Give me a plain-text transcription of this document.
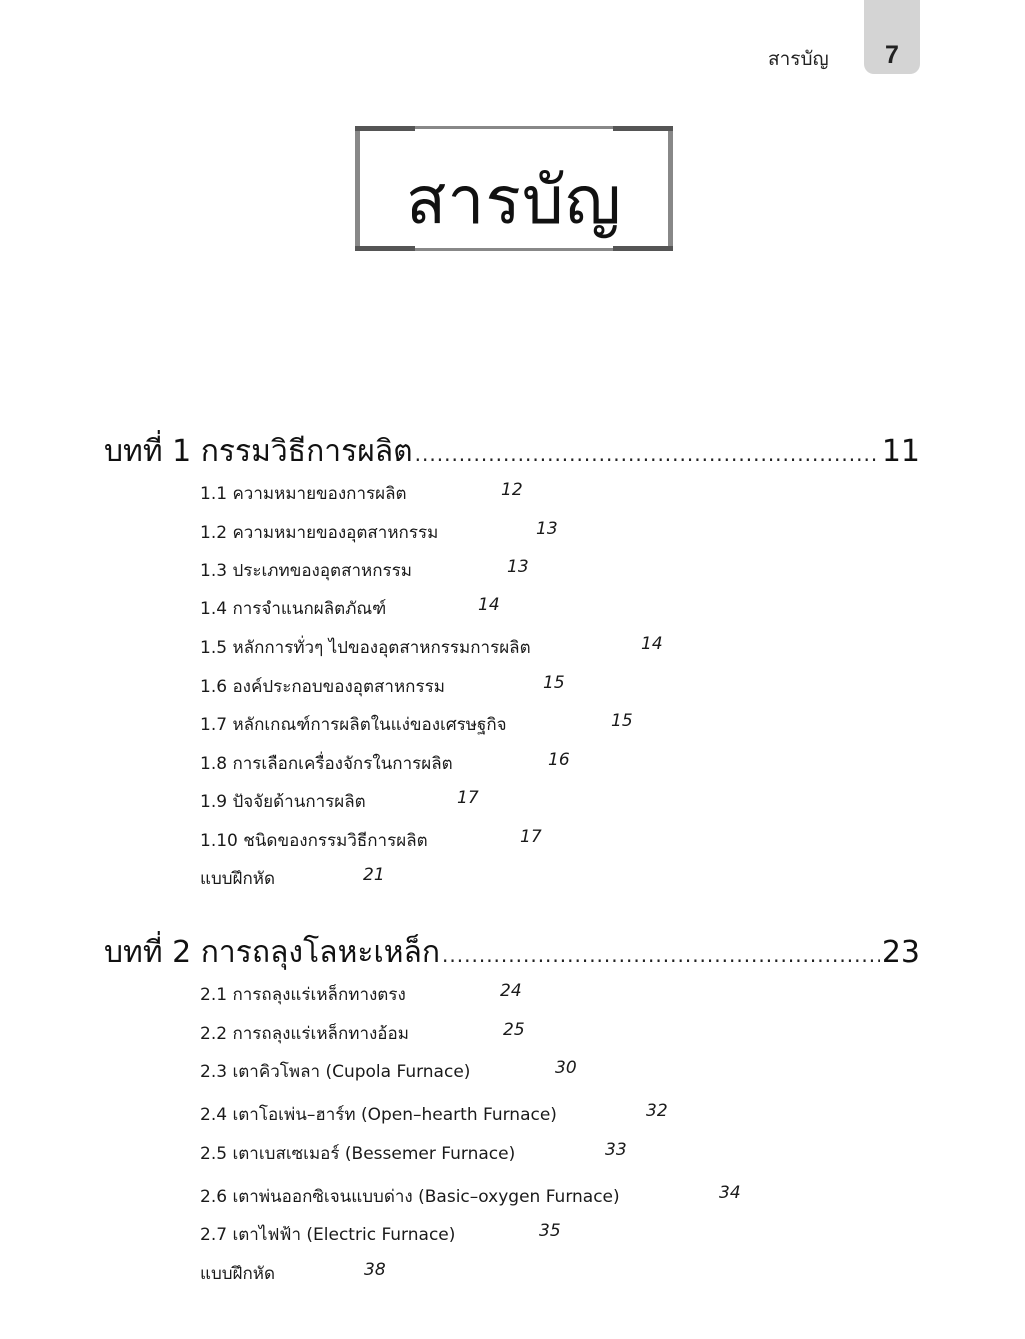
สารบัญ 7
สารบัญ
บทที่ 1 กรรมวิธีการผลิต .....	11
1.1 ความหมายของการผลิต	12
1.2 ความหมายของอุตสาหกรรม	13
1.3 ประเภทของอุตสาหกรรม	13
1.4 การจำแนกผลิตภัณฑ์	14
1.5 หลักการทั่วๆ ไปของอุตสาหกรรมการผลิต	14
1.6 องค์ประกอบของอุตสาหกรรม	15
1.7 หลักเกณฑ์การผลิตในแง่ของเศรษฐกิจ	15
1.8 การเลือกเครื่องจักรในการผลิต	16
1.9 ปัจจัยด้านการผลิต	17
1.10 ชนิดของกรรมวิธีการผลิต	17
แบบฝึกหัด	21
บทที่ 2 การถลุงโลหะเหล็ก .....	23
2.1 การถลุงแร่เหล็กทางตรง	24
2.2 การถลุงแร่เหล็กทางอ้อม	25
2.3 เตาคิวโพลา (Cupola Furnace)	30
2.4 เตาโอเพ่น–ฮาร์ท (Open–hearth Furnace)	32
2.5 เตาเบสเซเมอร์ (Bessemer Furnace)	33
2.6 เตาพ่นออกซิเจนแบบด่าง (Basic–oxygen Furnace)	34
2.7 เตาไฟฟ้า (Electric Furnace)	35
แบบฝึกหัด	38
